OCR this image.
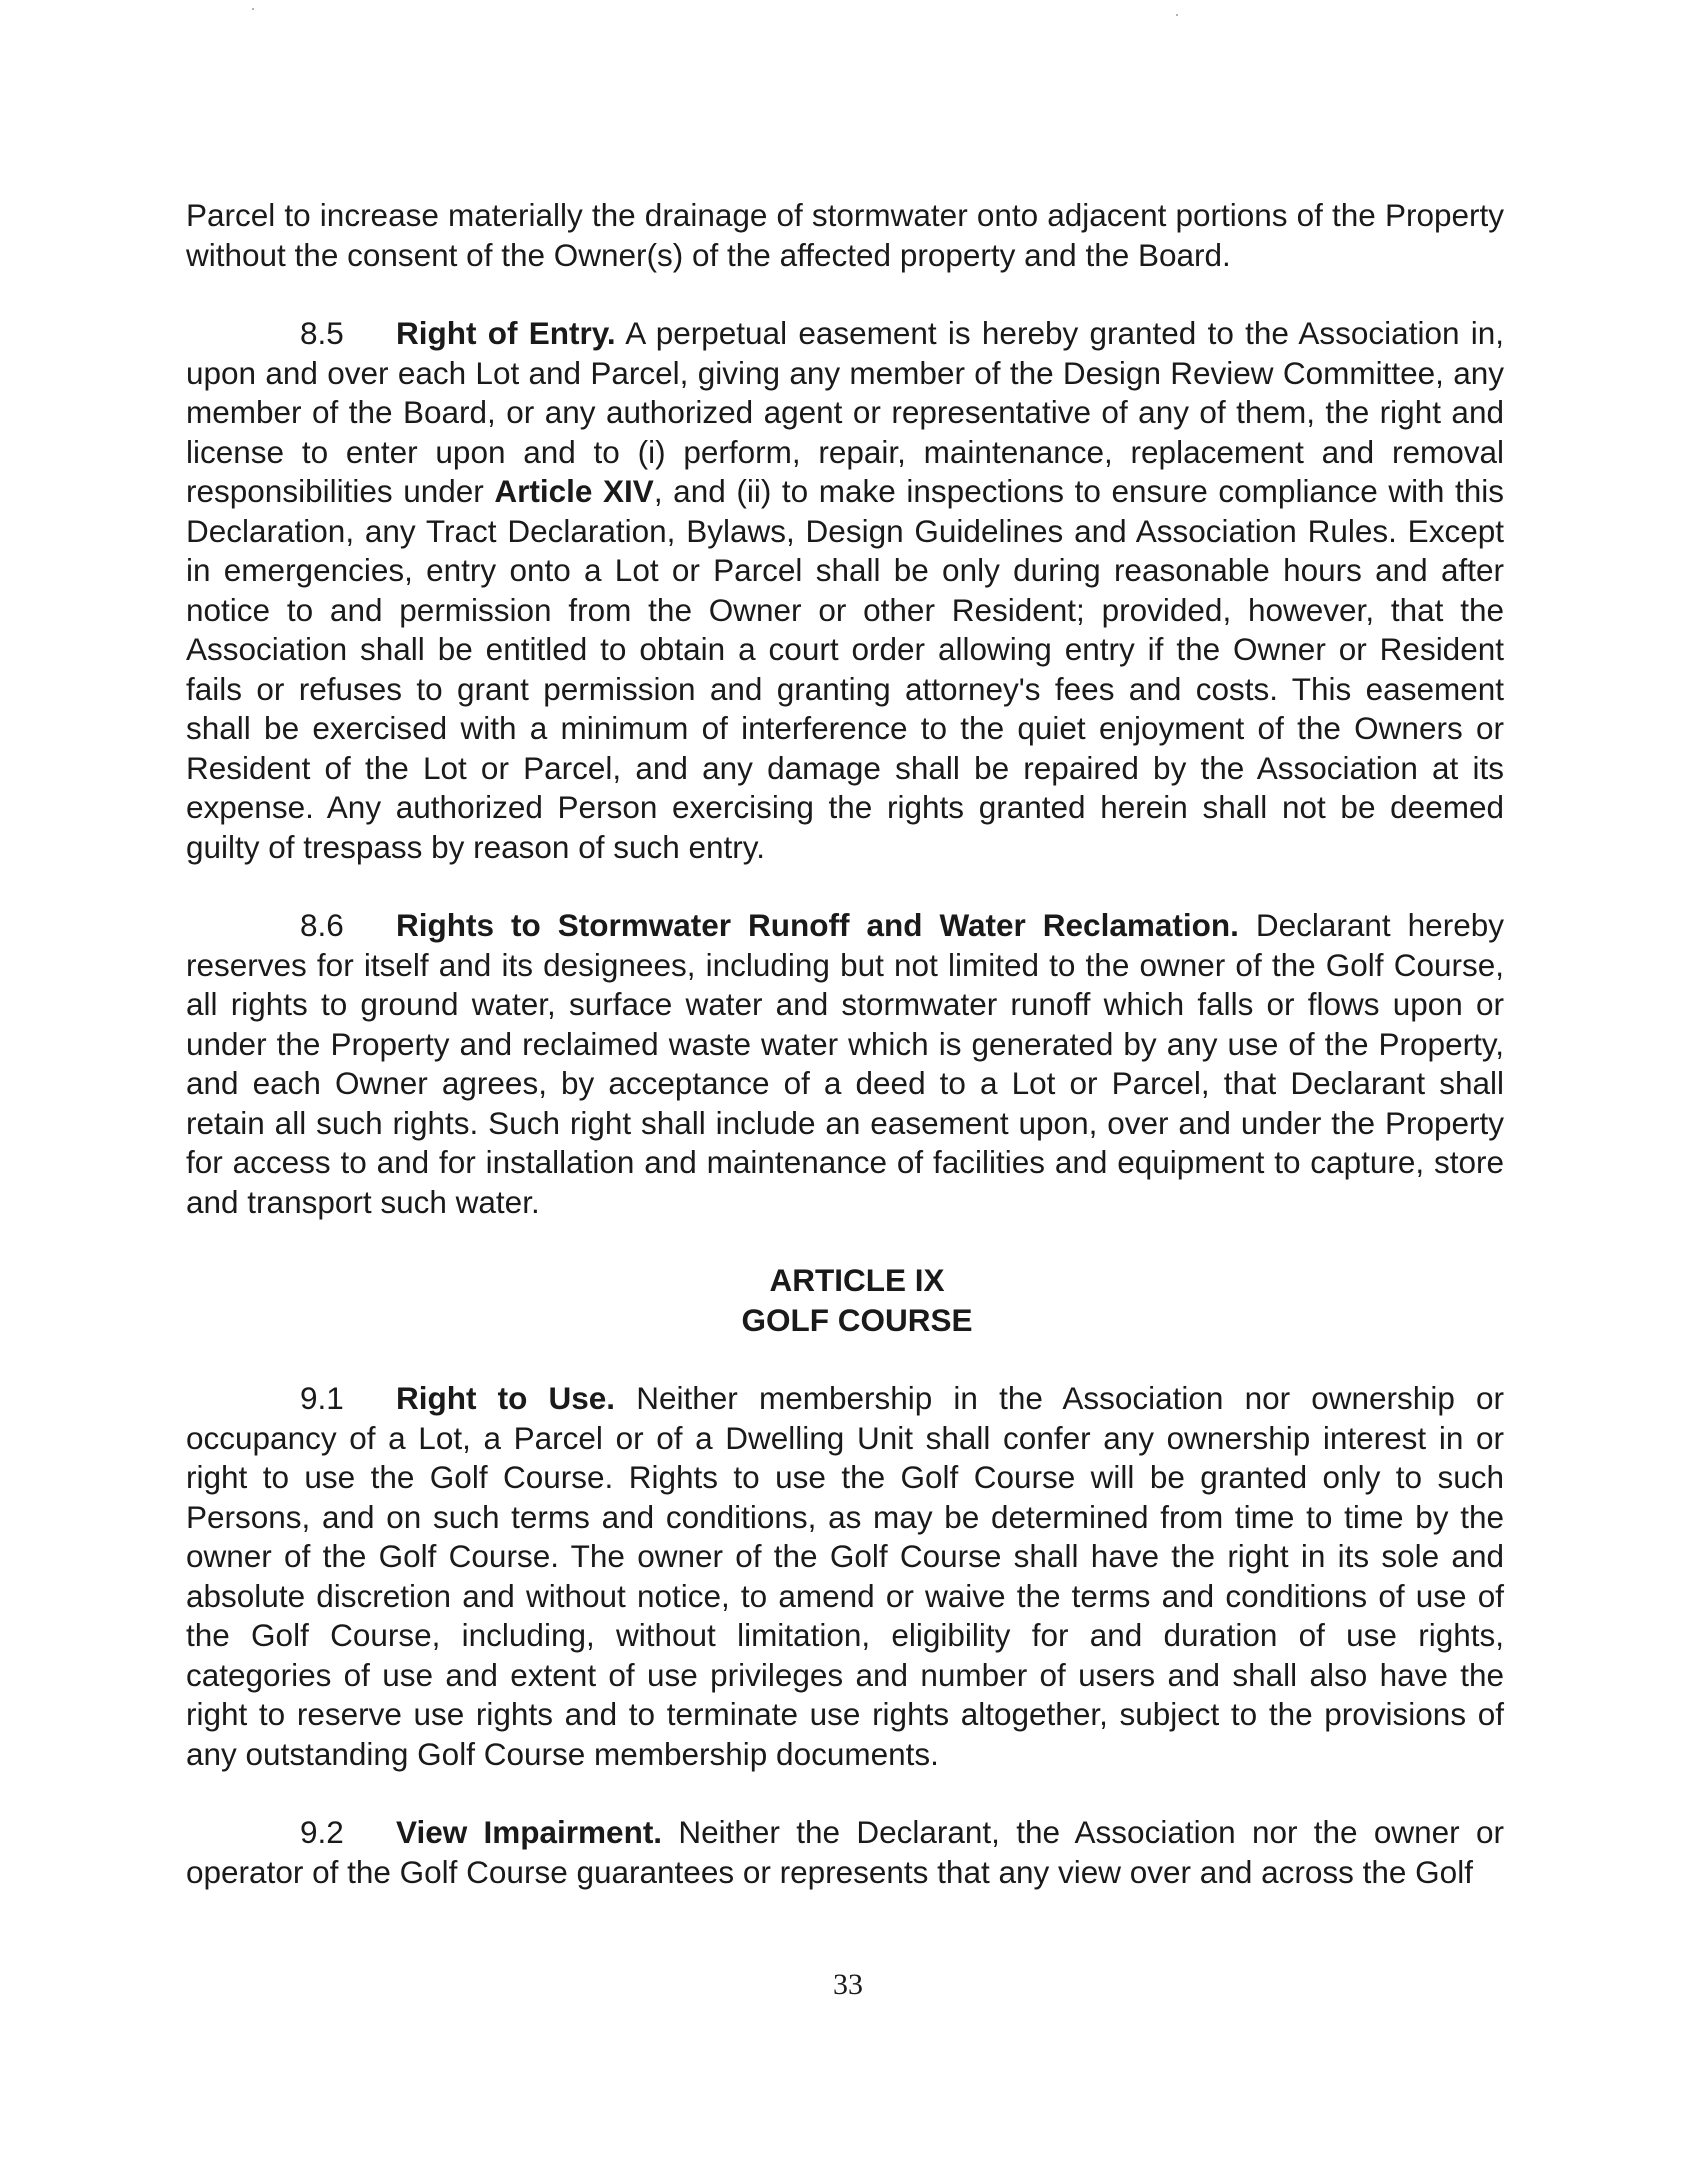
Parcel to increase materially the drainage of stormwater onto adjacent portions of the Property without the consent of the Owner(s) of the affected property and the Board.

8.5 Right of Entry. A perpetual easement is hereby granted to the Association in, upon and over each Lot and Parcel, giving any member of the Design Review Committee, any member of the Board, or any authorized agent or representative of any of them, the right and license to enter upon and to (i) perform, repair, maintenance, replacement and removal responsibilities under Article XIV, and (ii) to make inspections to ensure compliance with this Declaration, any Tract Declaration, Bylaws, Design Guidelines and Association Rules. Except in emergencies, entry onto a Lot or Parcel shall be only during reasonable hours and after notice to and permission from the Owner or other Resident; provided, however, that the Association shall be entitled to obtain a court order allowing entry if the Owner or Resident fails or refuses to grant permission and granting attorney's fees and costs. This easement shall be exercised with a minimum of interference to the quiet enjoyment of the Owners or Resident of the Lot or Parcel, and any damage shall be repaired by the Association at its expense. Any authorized Person exercising the rights granted herein shall not be deemed guilty of trespass by reason of such entry.

8.6 Rights to Stormwater Runoff and Water Reclamation. Declarant hereby reserves for itself and its designees, including but not limited to the owner of the Golf Course, all rights to ground water, surface water and stormwater runoff which falls or flows upon or under the Property and reclaimed waste water which is generated by any use of the Property, and each Owner agrees, by acceptance of a deed to a Lot or Parcel, that Declarant shall retain all such rights. Such right shall include an easement upon, over and under the Property for access to and for installation and maintenance of facilities and equipment to capture, store and transport such water.

ARTICLE IX
GOLF COURSE

9.1 Right to Use. Neither membership in the Association nor ownership or occupancy of a Lot, a Parcel or of a Dwelling Unit shall confer any ownership interest in or right to use the Golf Course. Rights to use the Golf Course will be granted only to such Persons, and on such terms and conditions, as may be determined from time to time by the owner of the Golf Course. The owner of the Golf Course shall have the right in its sole and absolute discretion and without notice, to amend or waive the terms and conditions of use of the Golf Course, including, without limitation, eligibility for and duration of use rights, categories of use and extent of use privileges and number of users and shall also have the right to reserve use rights and to terminate use rights altogether, subject to the provisions of any outstanding Golf Course membership documents.

9.2 View Impairment. Neither the Declarant, the Association nor the owner or operator of the Golf Course guarantees or represents that any view over and across the Golf

33
